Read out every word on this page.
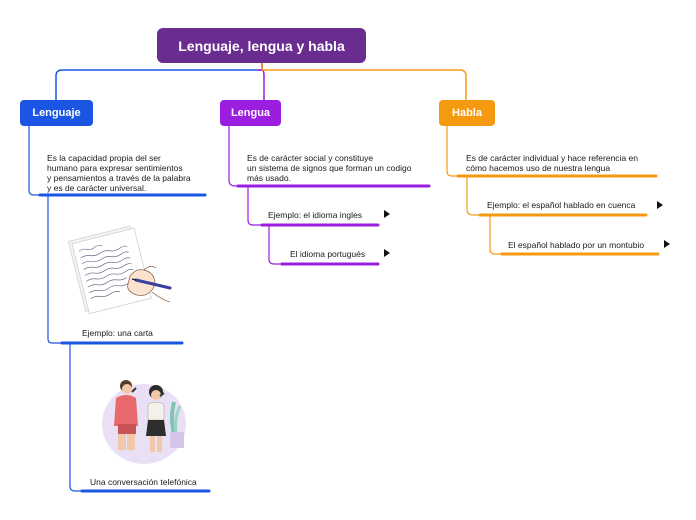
Lenguaje, lengua y habla
Lenguaje	Lengua	Habla
Es la capacidad propia del ser
humano para expresar sentimientos
y pensamientos a través de la palabra
y es de carácter universal.
Ejemplo: una carta
Una conversación telefónica
Es de carácter social y constituye
un sistema de signos que forman un codigo
más usado.
Ejemplo: el idioma ingles
El idioma portugués
Es de carácter individual y hace referencia en
cómo hacemos uso de nuestra lengua
Ejemplo: el español hablado en cuenca
El español hablado por un montubio
